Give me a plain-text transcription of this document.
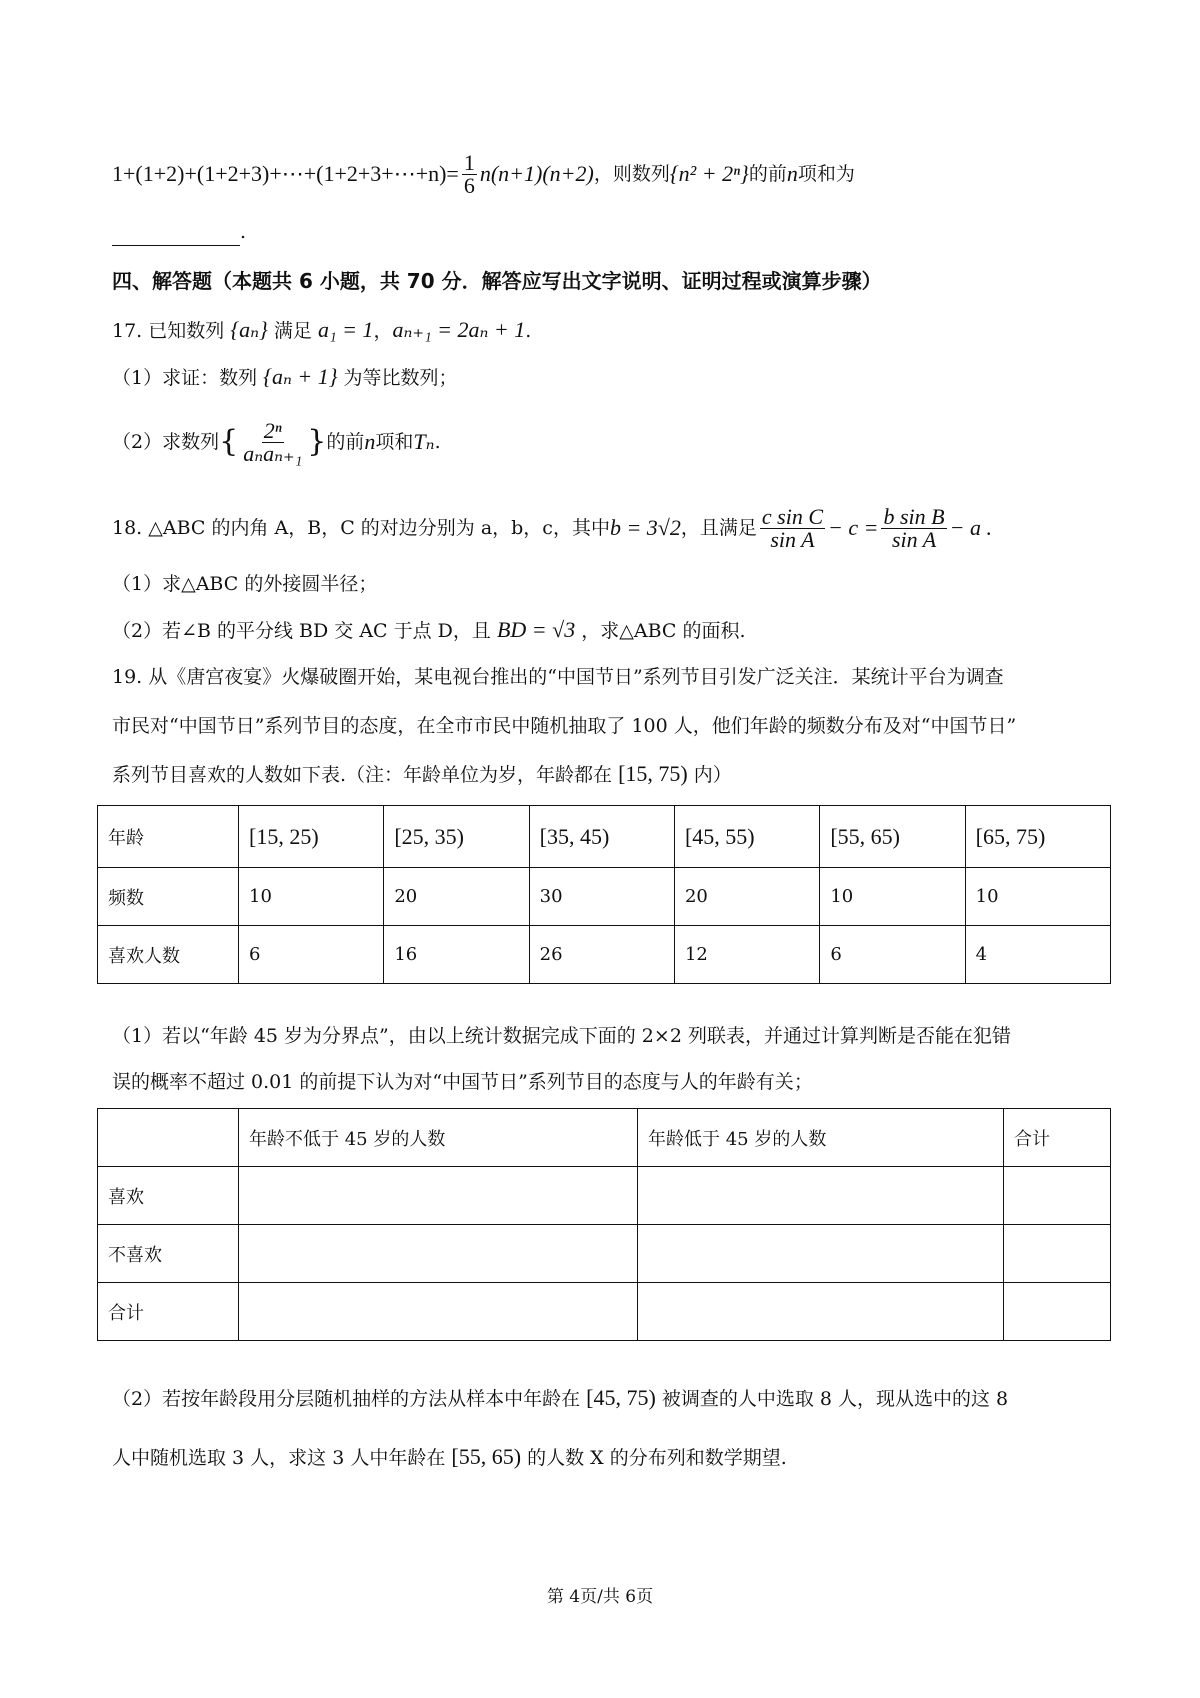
1+(1+2)+(1+2+3)+⋯+(1+2+3+⋯+n)= $\frac{1}{6} n(n+1)(n+2)$ ，则数列 {n² + 2ⁿ} 的前 n 项和为
.
四、解答题（本题共 6 小题，共 70 分．解答应写出文字说明、证明过程或演算步骤）
17. 已知数列 {aₙ} 满足 a₁ = 1，aₙ₊₁ = 2aₙ + 1.
（1）求证：数列 {aₙ + 1} 为等比数列；
（2）求数列 { $\frac{\text{2ⁿ}}{\text{aₙaₙ₊₁}}$ } 的前 n 项和 Tₙ .
18. △ABC 的内角 A，B，C 的对边分别为 a，b，c，其中 b = 3√2 ，且满足 $\frac{\text{c sin C}}{\text{sin A}} - c = \frac{\text{b sin B}}{\text{sin A}} - a$ .
（1）求△ABC 的外接圆半径；
（2）若∠B 的平分线 BD 交 AC 于点 D，且 BD = √3 ，求△ABC 的面积.
19. 从《唐宫夜宴》火爆破圈开始，某电视台推出的“中国节日”系列节目引发广泛关注．某统计平台为调查
市民对“中国节日”系列节目的态度，在全市市民中随机抽取了 100 人，他们年龄的频数分布及对“中国节日”
系列节目喜欢的人数如下表.（注：年龄单位为岁，年龄都在 [15, 75) 内）
年龄	[15, 25)	[25, 35)	[35, 45)	[45, 55)	[55, 65)	[65, 75)
频数	10	20	30	20	10	10
喜欢人数	6	16	26	12	6	4
（1）若以“年龄 45 岁为分界点”，由以上统计数据完成下面的 2×2 列联表，并通过计算判断是否能在犯错
误的概率不超过 0.01 的前提下认为对“中国节日”系列节目的态度与人的年龄有关；
	年龄不低于 45 岁的人数	年龄低于 45 岁的人数	合计
喜欢			
不喜欢			
合计			
（2）若按年龄段用分层随机抽样的方法从样本中年龄在 [45, 75) 被调查的人中选取 8 人，现从选中的这 8
人中随机选取 3 人，求这 3 人中年龄在 [55, 65) 的人数 X 的分布列和数学期望.
第 4页/共 6页
